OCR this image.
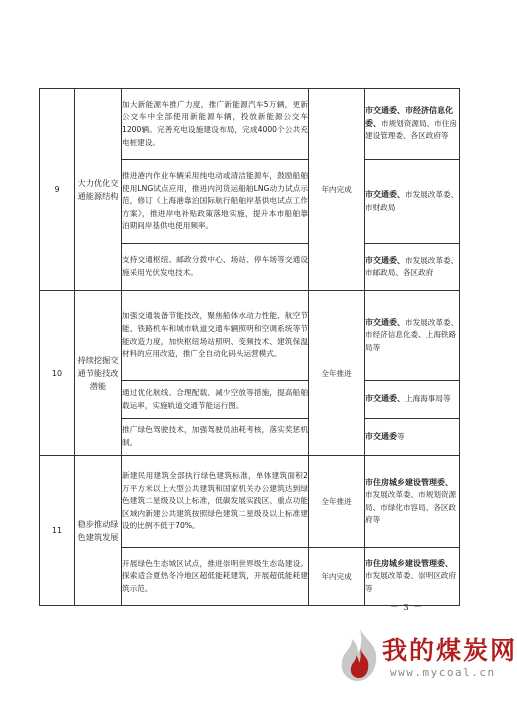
9	大力优化交通能源结构	加大新能源车推广力度，推广新能源汽车5万辆，更新公交车中全部使用新能源车辆，投放新能源公交车1200辆。完善充电设施建设布局，完成4000个公共充电桩建设。	年内完成	市交通委、市经济信息化委、市规划资源局、市住房建设管理委、各区政府等
		推进港内作业车辆采用纯电动或清洁能源车，鼓励船舶使用LNG试点应用，推进内河货运船舶LNG动力试点示范，修订《上海港靠泊国际航行船舶岸基供电试点工作方案》，推进岸电补贴政策落地实施，提升本市船舶靠泊期间岸基供电使用频率。		市交通委、市发展改革委、市财政局
		支持交通枢纽、邮政分拨中心、场站、停车场等交通设施采用光伏发电技术。		市交通委、市发展改革委、市邮政局、各区政府
10	持续挖掘交通节能技改潜能	加强交通装备节能技改，聚焦船体水动力性能、航空节能、铁路机车和城市轨道交通车辆照明和空调系统等节能改造力度，加快枢纽场站照明、变频技术、建筑保温材料的应用改造，推广全自动化码头运营模式。	全年推进	市交通委、市发展改革委、市经济信息化委、上海铁路局等
		通过优化航线、合理配载、减少空放等措施，提高船舶载运率，实施轨道交通节能运行图。		市交通委、上海海事局等
		推广绿色驾驶技术，加强驾驶员油耗考核，落实奖惩机制。		市交通委等
11	稳步推动绿色建筑发展	新建民用建筑全部执行绿色建筑标准，单体建筑面积2万平方米以上大型公共建筑和国家机关办公建筑达到绿色建筑二星级及以上标准，低碳发展实践区、重点功能区域内新建公共建筑按照绿色建筑二星级及以上标准建设的比例不低于70%。	全年推进	市住房城乡建设管理委、市发展改革委、市规划资源局、市绿化市容局、各区政府等
		开展绿色生态城区试点，推进崇明世界级生态岛建设。探索适合夏热冬冷地区超低能耗建筑，开展超低能耗建筑示范。	年内完成	市住房城乡建设管理委、市发展改革委、崇明区政府等
－ 3 －
我的煤炭网
www.mycoal.cn
